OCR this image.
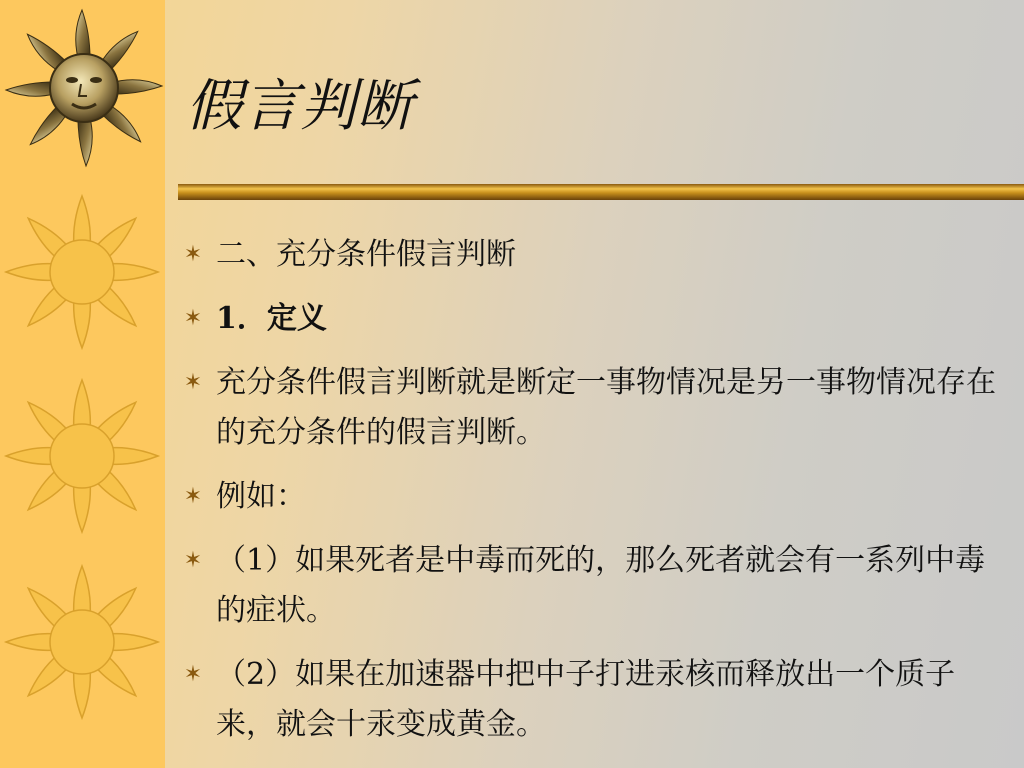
假言判断
✶ 二、充分条件假言判断
✶ 1．定义
✶ 充分条件假言判断就是断定一事物情况是另一事物情况存在的充分条件的假言判断。
✶ 例如：
✶ （1）如果死者是中毒而死的，那么死者就会有一系列中毒的症状。
✶ （2）如果在加速器中把中子打进汞核而释放出一个质子来，就会十汞变成黄金。
